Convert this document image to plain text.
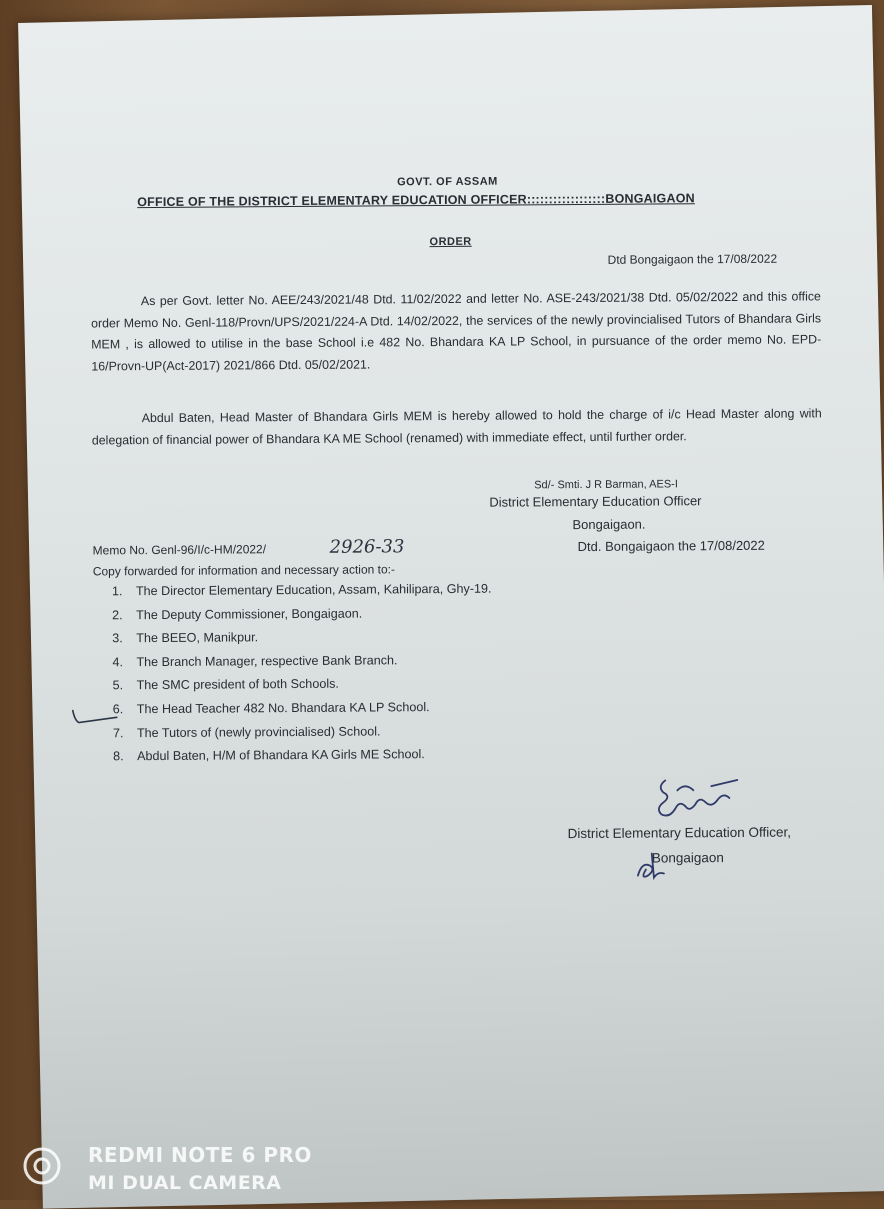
GOVT. OF ASSAM
OFFICE OF THE DISTRICT ELEMENTARY EDUCATION OFFICER::::::::::::::::::BONGAIGAON
ORDER
Dtd Bongaigaon the 17/08/2022
As per Govt. letter No. AEE/243/2021/48 Dtd. 11/02/2022 and letter No. ASE-243/2021/38 Dtd. 05/02/2022 and this office order Memo No. Genl-118/Provn/UPS/2021/224-A Dtd. 14/02/2022, the services of the newly provincialised Tutors of Bhandara Girls MEM , is allowed to utilise in the base School i.e 482 No. Bhandara KA LP School, in pursuance of the order memo No. EPD-16/Provn-UP(Act-2017) 2021/866 Dtd. 05/02/2021.
Abdul Baten, Head Master of Bhandara Girls MEM is hereby allowed to hold the charge of i/c Head Master along with delegation of financial power of Bhandara KA ME School (renamed) with immediate effect, until further order.
Sd/- Smti. J R Barman, AES-I
District Elementary Education Officer
Bongaigaon.
Memo No. Genl-96/I/c-HM/2022/	2926-33	Dtd. Bongaigaon the 17/08/2022
Copy forwarded for information and necessary action to:-
1. The Director Elementary Education, Assam, Kahilipara, Ghy-19.
2. The Deputy Commissioner, Bongaigaon.
3. The BEEO, Manikpur.
4. The Branch Manager, respective Bank Branch.
5. The SMC president of both Schools.
6. The Head Teacher 482 No. Bhandara KA LP School.
7. The Tutors of (newly provincialised) School.
8. Abdul Baten, H/M of Bhandara KA Girls ME School.
District Elementary Education Officer,
Bongaigaon
REDMI NOTE 6 PRO
MI DUAL CAMERA
